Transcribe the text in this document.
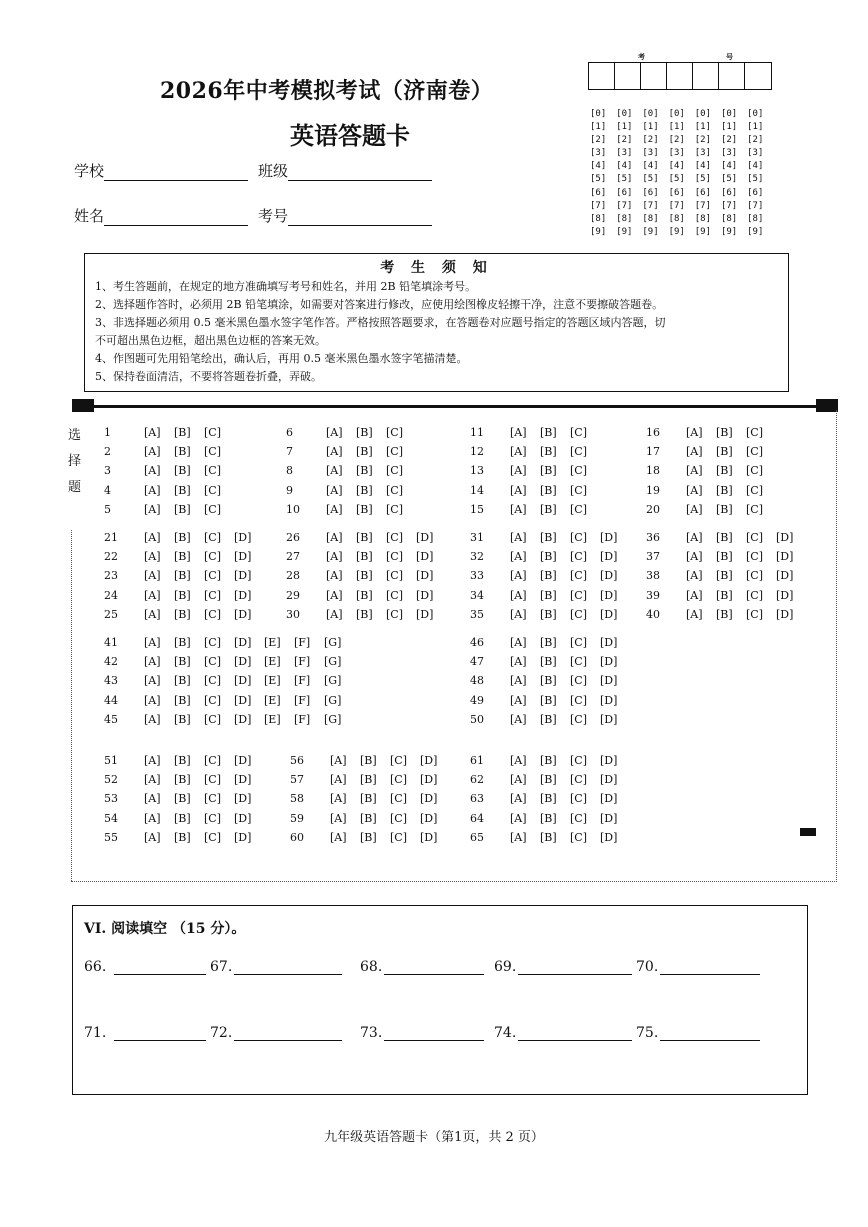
2026年中考模拟考试（济南卷）
英语答题卡
学校	班级
姓名	考号
考	号
[0]	[0]	[0]	[0]	[0]	[0]	[0]
[1]	[1]	[1]	[1]	[1]	[1]	[1]
[2]	[2]	[2]	[2]	[2]	[2]	[2]
[3]	[3]	[3]	[3]	[3]	[3]	[3]
[4]	[4]	[4]	[4]	[4]	[4]	[4]
[5]	[5]	[5]	[5]	[5]	[5]	[5]
[6]	[6]	[6]	[6]	[6]	[6]	[6]
[7]	[7]	[7]	[7]	[7]	[7]	[7]
[8]	[8]	[8]	[8]	[8]	[8]	[8]
[9]	[9]	[9]	[9]	[9]	[9]	[9]
考 生 须 知
1、考生答题前，在规定的地方准确填写考号和姓名，并用 2B 铅笔填涂考号。
2、选择题作答时，必须用 2B 铅笔填涂，如需要对答案进行修改，应使用绘图橡皮轻擦干净，注意不要擦破答题卷。
3、非选择题必须用 0.5 毫米黑色墨水签字笔作答。严格按照答题要求，在答题卷对应题号指定的答题区域内答题，切
不可超出黑色边框，超出黑色边框的答案无效。
4、作图题可先用铅笔绘出，确认后，再用 0.5 毫米黑色墨水签字笔描清楚。
5、保持卷面清洁，不要将答题卷折叠，弄破。
选
择
题
1	[A] [B] [C]
2	[A] [B] [C]
3	[A] [B] [C]
4	[A] [B] [C]
5	[A] [B] [C]
6	[A] [B] [C]
7	[A] [B] [C]
8	[A] [B] [C]
9	[A] [B] [C]
10 [A] [B] [C]
11 [A] [B] [C]
12 [A] [B] [C]
13 [A] [B] [C]
14 [A] [B] [C]
15 [A] [B] [C]
16 [A] [B] [C]
17 [A] [B] [C]
18 [A] [B] [C]
19 [A] [B] [C]
20 [A] [B] [C]
21 [A] [B] [C] [D]
22 [A] [B] [C] [D]
23 [A] [B] [C] [D]
24 [A] [B] [C] [D]
25 [A] [B] [C] [D]
26 [A] [B] [C] [D]
27 [A] [B] [C] [D]
28 [A] [B] [C] [D]
29 [A] [B] [C] [D]
30 [A] [B] [C] [D]
31 [A] [B] [C] [D]
32 [A] [B] [C] [D]
33 [A] [B] [C] [D]
34 [A] [B] [C] [D]
35 [A] [B] [C] [D]
36 [A] [B] [C] [D]
37 [A] [B] [C] [D]
38 [A] [B] [C] [D]
39 [A] [B] [C] [D]
40 [A] [B] [C] [D]
41 [A] [B] [C] [D] [E] [F] [G]
42 [A] [B] [C] [D] [E] [F] [G]
43 [A] [B] [C] [D] [E] [F] [G]
44 [A] [B] [C] [D] [E] [F] [G]
45 [A] [B] [C] [D] [E] [F] [G]
46 [A] [B] [C] [D]
47 [A] [B] [C] [D]
48 [A] [B] [C] [D]
49 [A] [B] [C] [D]
50 [A] [B] [C] [D]
51 [A] [B] [C] [D]
52 [A] [B] [C] [D]
53 [A] [B] [C] [D]
54 [A] [B] [C] [D]
55 [A] [B] [C] [D]
56 [A] [B] [C] [D]
57 [A] [B] [C] [D]
58 [A] [B] [C] [D]
59 [A] [B] [C] [D]
60 [A] [B] [C] [D]
61 [A] [B] [C] [D]
62 [A] [B] [C] [D]
63 [A] [B] [C] [D]
64 [A] [B] [C] [D]
65 [A] [B] [C] [D]
VI. 阅读填空 （15 分）。
66.	67.	68.	69.	70.
71.	72.	73.	74.	75.
九年级英语答题卡（第1页，共 2 页）
